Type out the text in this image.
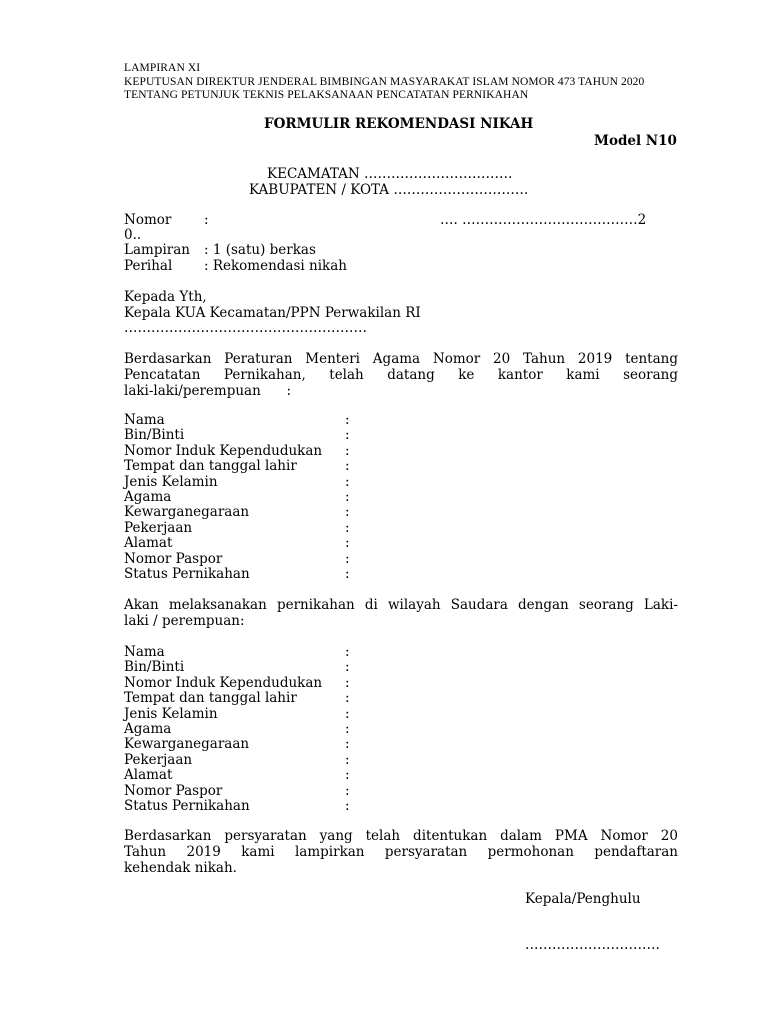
LAMPIRAN XI
KEPUTUSAN DIREKTUR JENDERAL BIMBINGAN MASYARAKAT ISLAM NOMOR 473 TAHUN 2020
TENTANG PETUNJUK TEKNIS PELAKSANAAN PENCATATAN PERNIKAHAN
FORMULIR REKOMENDASI NIKAH
Model N10
KECAMATAN ……………………………
KABUPATEN / KOTA …………………………
Nomor :	…. …………………………………2
0..
Lampiran : 1 (satu) berkas
Perihal : Rekomendasi nikah
Kepada Yth,
Kepala KUA Kecamatan/PPN Perwakilan RI
………………………………………………
Berdasarkan Peraturan Menteri Agama Nomor 20 Tahun 2019 tentang
Pencatatan Pernikahan, telah datang ke kantor kami seorang
laki-laki/perempuan      :
Nama	:
Bin/Binti	:
Nomor Induk Kependudukan :
Tempat dan tanggal lahir	:
Jenis Kelamin	:
Agama	:
Kewarganegaraan	:
Pekerjaan	:
Alamat	:
Nomor Paspor	:
Status Pernikahan	:
Akan melaksanakan pernikahan di wilayah Saudara dengan seorang Laki-
laki / perempuan:
Nama	:
Bin/Binti	:
Nomor Induk Kependudukan :
Tempat dan tanggal lahir	:
Jenis Kelamin	:
Agama	:
Kewarganegaraan	:
Pekerjaan	:
Alamat	:
Nomor Paspor	:
Status Pernikahan	:
Berdasarkan persyaratan yang telah ditentukan dalam PMA Nomor 20
Tahun 2019 kami lampirkan persyaratan permohonan pendaftaran
kehendak nikah.
Kepala/Penghulu
…………………………
